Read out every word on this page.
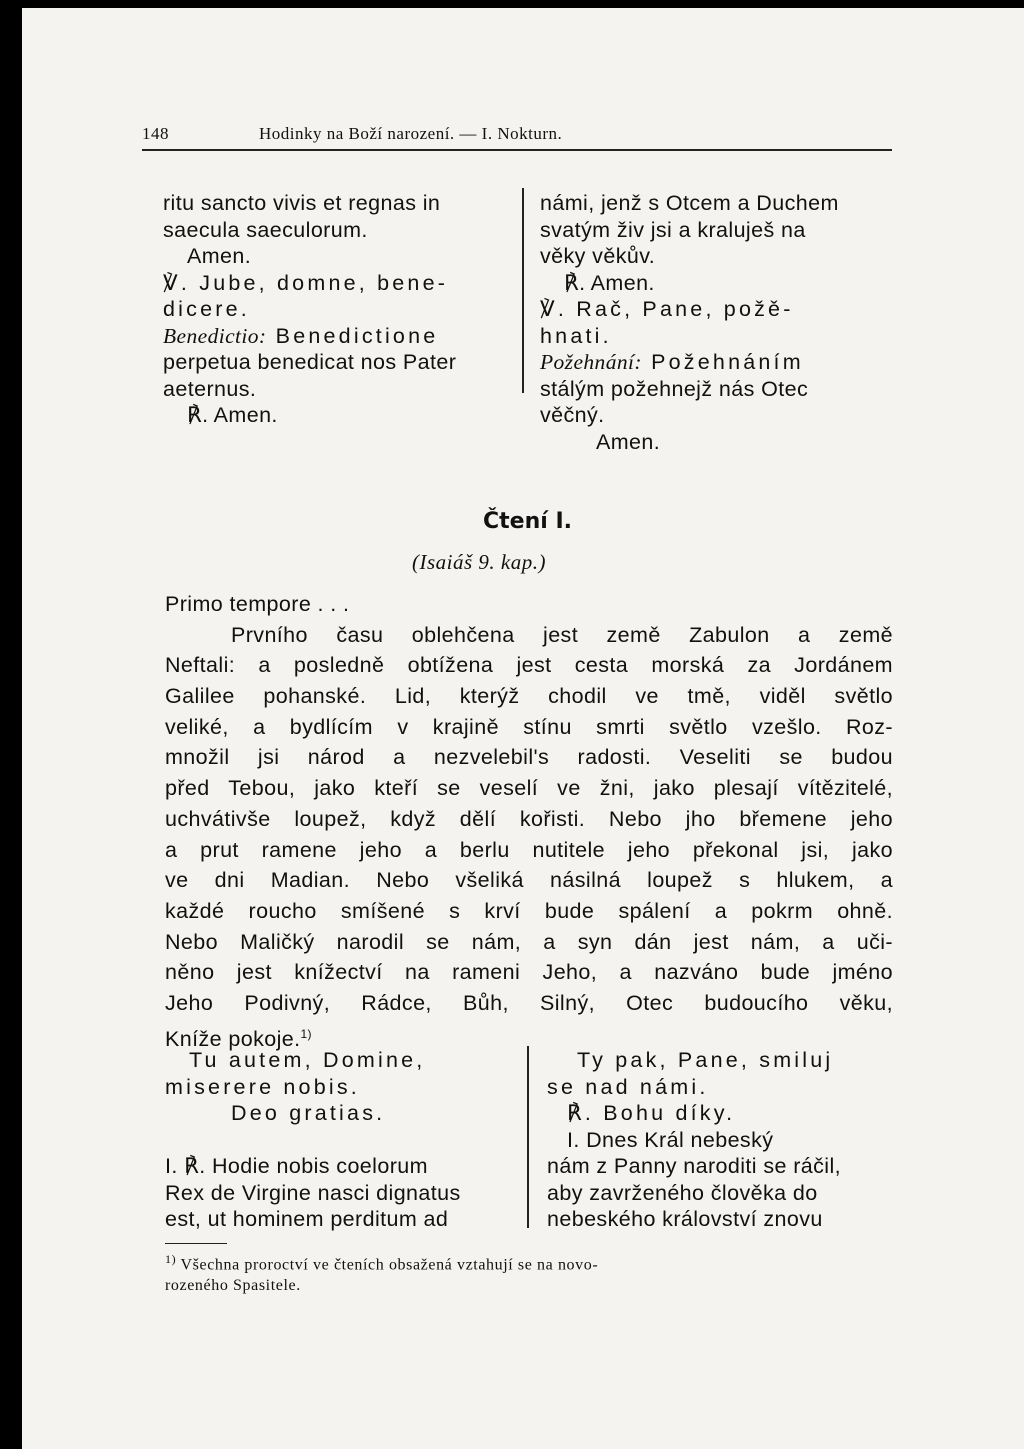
148	Hodinky na Boží narození. — I. Nokturn.
ritu sancto vivis et regnas in
saecula saeculorum.
Amen.
℣. Jube, domne, bene-
dicere.
Benedictio: Benedictione
perpetua benedicat nos Pater
aeternus.
℟. Amen.
námi, jenž s Otcem a Duchem
svatým živ jsi a kraluješ na
věky věkův.
℟. Amen.
℣. Rač, Pane, požě-
hnati.
Požehnání: Požehnáním
stálým požehnejž nás Otec
věčný.
Amen.
Čtení I.
(Isaiáš 9. kap.)
Primo tempore . . .
Prvního času oblehčena jest země Zabulon a země
Neftali: a posledně obtížena jest cesta morská za Jordánem
Galilee pohanské. Lid, kterýž chodil ve tmě, viděl světlo
veliké, a bydlícím v krajině stínu smrti světlo vzešlo. Roz-
množil jsi národ a nezvelebil's radosti. Veseliti se budou
před Tebou, jako kteří se veselí ve žni, jako plesají vítězitelé,
uchvátivše loupež, když dělí kořisti. Nebo jho břemene jeho
a prut ramene jeho a berlu nutitele jeho překonal jsi, jako
ve dni Madian. Nebo všeliká násilná loupež s hlukem, a
každé roucho smíšené s krví bude spálení a pokrm ohně.
Nebo Maličký narodil se nám, a syn dán jest nám, a uči-
něno jest knížectví na rameni Jeho, a nazváno bude jméno
Jeho Podivný, Rádce, Bůh, Silný, Otec budoucího věku,
Kníže pokoje.$^{1)}$
Tu autem, Domine,
miserere nobis.
Deo gratias.
I. ℟. Hodie nobis coelorum
Rex de Virgine nasci dignatus
est, ut hominem perditum ad
Ty pak, Pane, smiluj
se nad námi.
℟. Bohu díky.
I. Dnes Král nebeský
nám z Panny naroditi se ráčil,
aby zavrženého člověka do
nebeského království znovu
$^{1)}$ Všechna proroctví ve čteních obsažená vztahují se na novo-
rozeného Spasitele.
